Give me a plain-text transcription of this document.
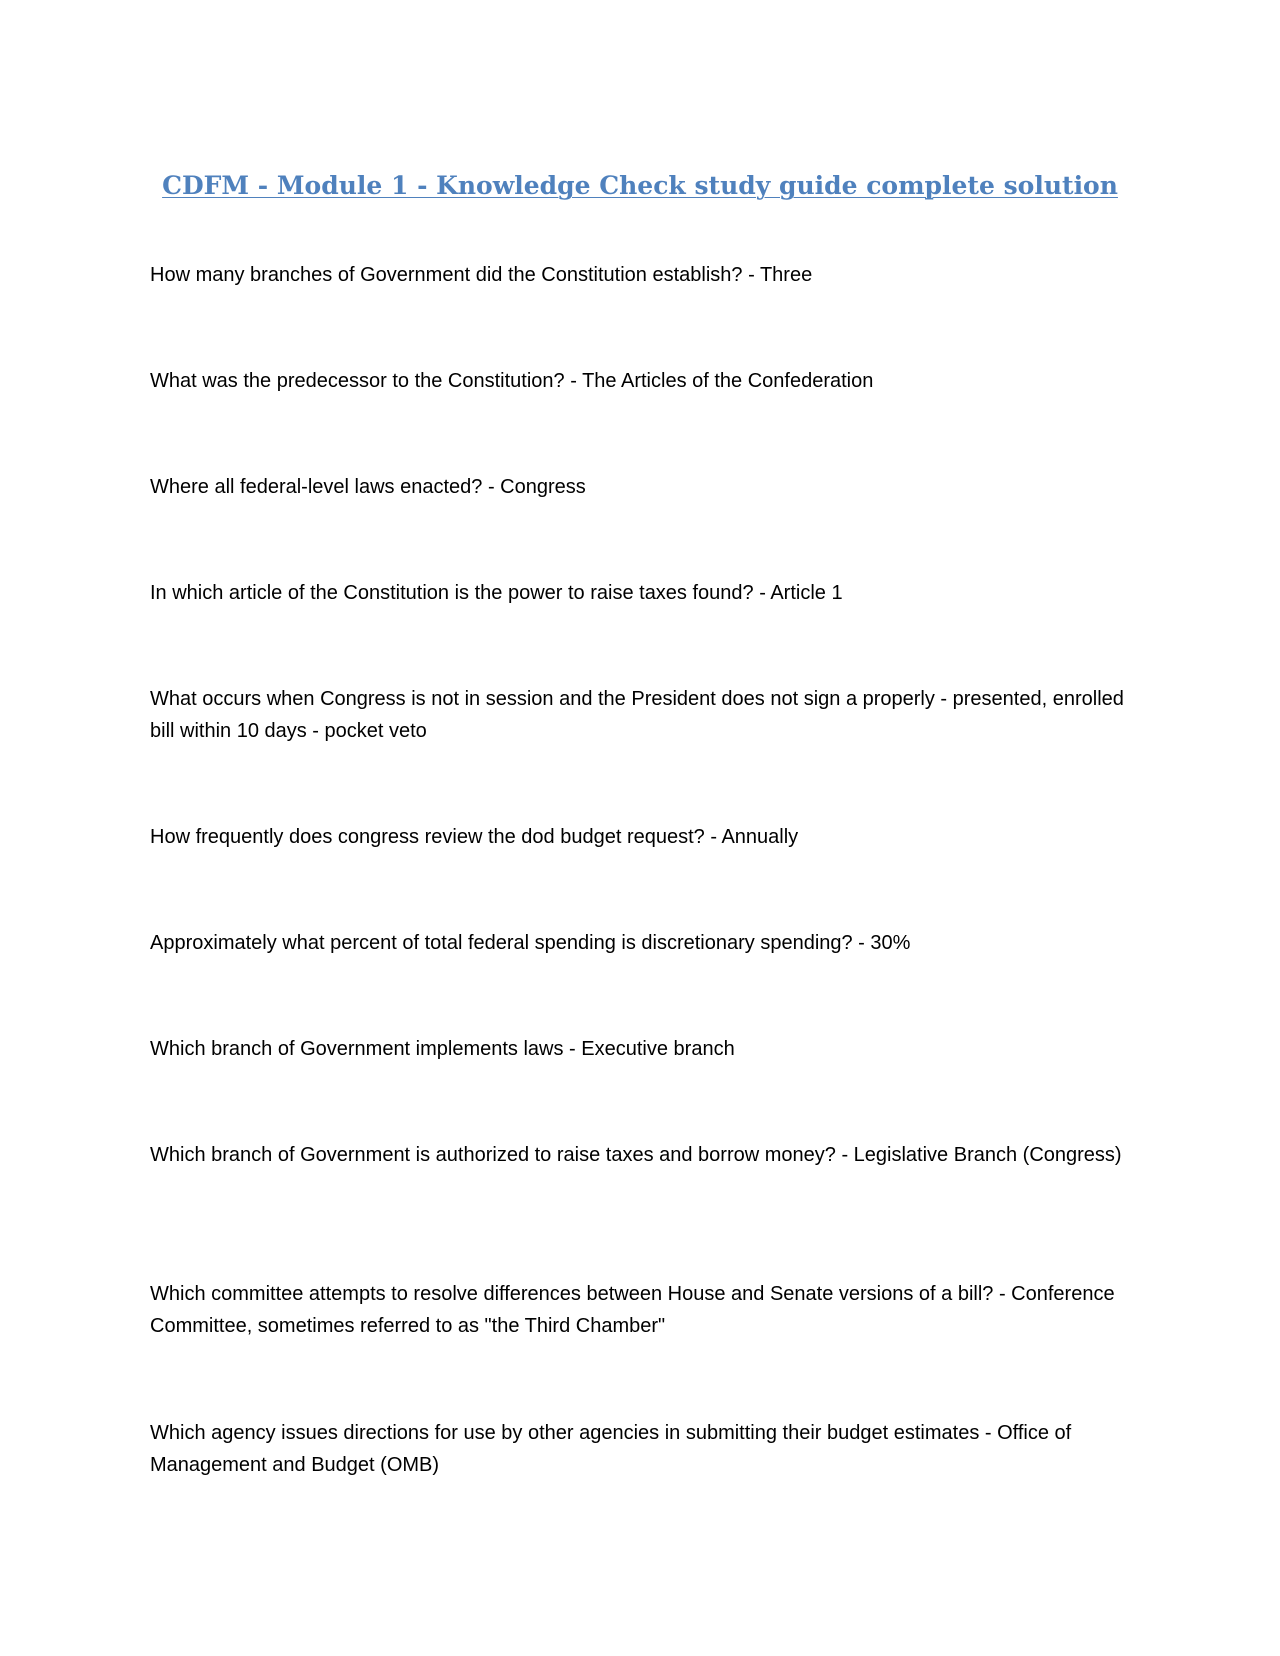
CDFM - Module 1 - Knowledge Check study guide complete solution

How many branches of Government did the Constitution establish? - Three

What was the predecessor to the Constitution? - The Articles of the Confederation

Where all federal-level laws enacted? - Congress

In which article of the Constitution is the power to raise taxes found? - Article 1

What occurs when Congress is not in session and the President does not sign a properly - presented, enrolled bill within 10 days - pocket veto

How frequently does congress review the dod budget request? - Annually

Approximately what percent of total federal spending is discretionary spending? - 30%

Which branch of Government implements laws - Executive branch

Which branch of Government is authorized to raise taxes and borrow money? - Legislative Branch (Congress)

Which committee attempts to resolve differences between House and Senate versions of a bill? - Conference Committee, sometimes referred to as "the Third Chamber"

Which agency issues directions for use by other agencies in submitting their budget estimates - Office of Management and Budget (OMB)
